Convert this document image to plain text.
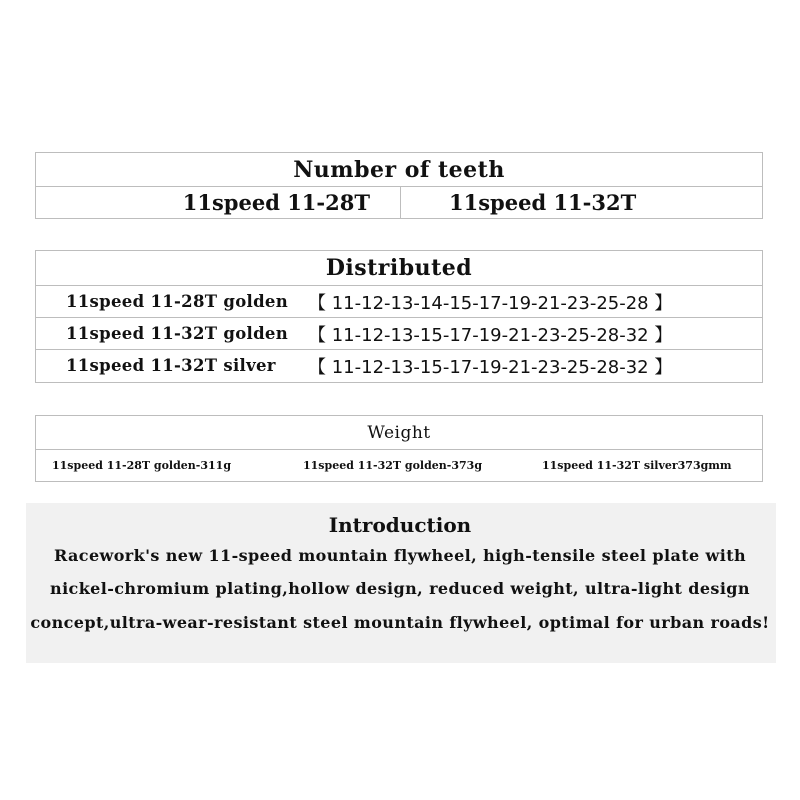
Number of teeth
11speed 11-28T	11speed 11-32T
Distributed
11speed 11-28T golden 【 11-12-13-14-15-17-19-21-23-25-28 】
11speed 11-32T golden 【 11-12-13-15-17-19-21-23-25-28-32 】
11speed 11-32T silver 【 11-12-13-15-17-19-21-23-25-28-32 】
Weight
11speed 11-28T golden-311g	11speed 11-32T golden-373g	11speed 11-32T silver373gmm
Introduction
Racework's new 11-speed mountain flywheel, high-tensile steel plate with
nickel-chromium plating,hollow design, reduced weight, ultra-light design
concept,ultra-wear-resistant steel mountain flywheel, optimal for urban roads!
